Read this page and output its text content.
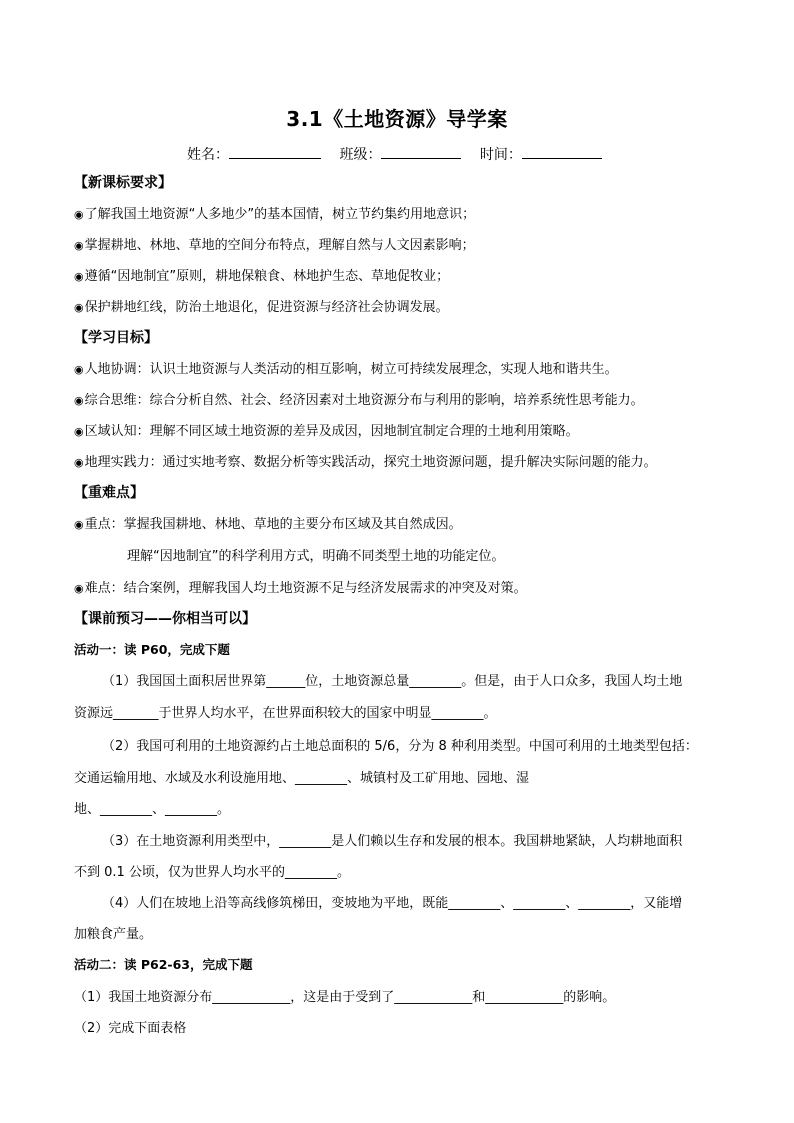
3.1《土地资源》导学案
姓名：	班级：	时间：
【新课标要求】
◉了解我国土地资源“人多地少”的基本国情，树立节约集约用地意识；
◉掌握耕地、林地、草地的空间分布特点，理解自然与人文因素影响；
◉遵循“因地制宜”原则，耕地保粮食、林地护生态、草地促牧业；
◉保护耕地红线，防治土地退化，促进资源与经济社会协调发展。
【学习目标】
◉人地协调：认识土地资源与人类活动的相互影响，树立可持续发展理念，实现人地和谐共生。
◉综合思维：综合分析自然、社会、经济因素对土地资源分布与利用的影响，培养系统性思考能力。
◉区域认知：理解不同区域土地资源的差异及成因，因地制宜制定合理的土地利用策略。
◉地理实践力：通过实地考察、数据分析等实践活动，探究土地资源问题，提升解决实际问题的能力。
【重难点】
◉重点：掌握我国耕地、林地、草地的主要分布区域及其自然成因。
理解“因地制宜”的科学利用方式，明确不同类型土地的功能定位。
◉难点：结合案例，理解我国人均土地资源不足与经济发展需求的冲突及对策。
【课前预习——你相当可以】
活动一：读 P60，完成下题
（1）我国国土面积居世界第______位，土地资源总量________。但是，由于人口众多，我国人均土地
资源远_______于世界人均水平，在世界面积较大的国家中明显________。
（2）我国可利用的土地资源约占土地总面积的 5/6，分为 8 种利用类型。中国可利用的土地类型包括：
交通运输用地、水域及水利设施用地、________、城镇村及工矿用地、园地、湿
地、________、________。
（3）在土地资源利用类型中，________是人们赖以生存和发展的根本。我国耕地紧缺，人均耕地面积
不到 0.1 公顷，仅为世界人均水平的________。
（4）人们在坡地上沿等高线修筑梯田，变坡地为平地，既能________、________、________，又能增
加粮食产量。
活动二：读 P62-63，完成下题
（1）我国土地资源分布____________，这是由于受到了____________和____________的影响。
（2）完成下面表格
